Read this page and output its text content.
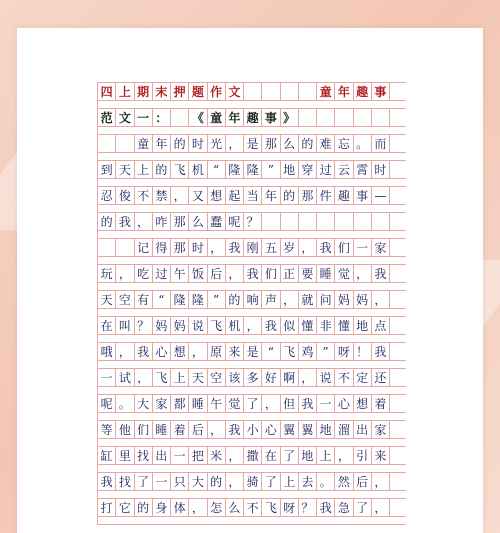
四 上 期 末 押 题 作 文	童 年 趣 事
范 文 一 ：	《 童 年 趣 事 》
童 年 的 时 光 ， 是 那 么 的 难 忘 。 而
到 天 上 的 飞 机 “ 隆 隆 ” 地 穿 过 云 霄 时
忍 俊 不 禁 ， 又 想 起 当 年 的 那 件 趣 事 —
的 我 ， 咋 那 么 蠢 呢 ？
记 得 那 时 ， 我 刚 五 岁 ， 我 们 一 家
玩 ， 吃 过 午 饭 后 ， 我 们 正 要 睡 觉 ， 我
天 空 有 “ 隆 隆 ” 的 响 声 ， 就 问 妈 妈 ，
在 叫 ？ 妈 妈 说 飞 机 ， 我 似 懂 非 懂 地 点
哦 ， 我 心 想 ， 原 来 是 “ 飞 鸡 ” 呀 ！ 我
一 试 ， 飞 上 天 空 该 多 好 啊 ， 说 不 定 还
呢 。 大 家 都 睡 午 觉 了 ， 但 我 一 心 想 着
等 他 们 睡 着 后 ， 我 小 心 翼 翼 地 溜 出 家
缸 里 找 出 一 把 米 ， 撒 在 了 地 上 ， 引 来
我 找 了 一 只 大 的 ， 骑 了 上 去 。 然 后 ，
打 它 的 身 体 ， 怎 么 不 飞 呀 ？ 我 急 了 ，
